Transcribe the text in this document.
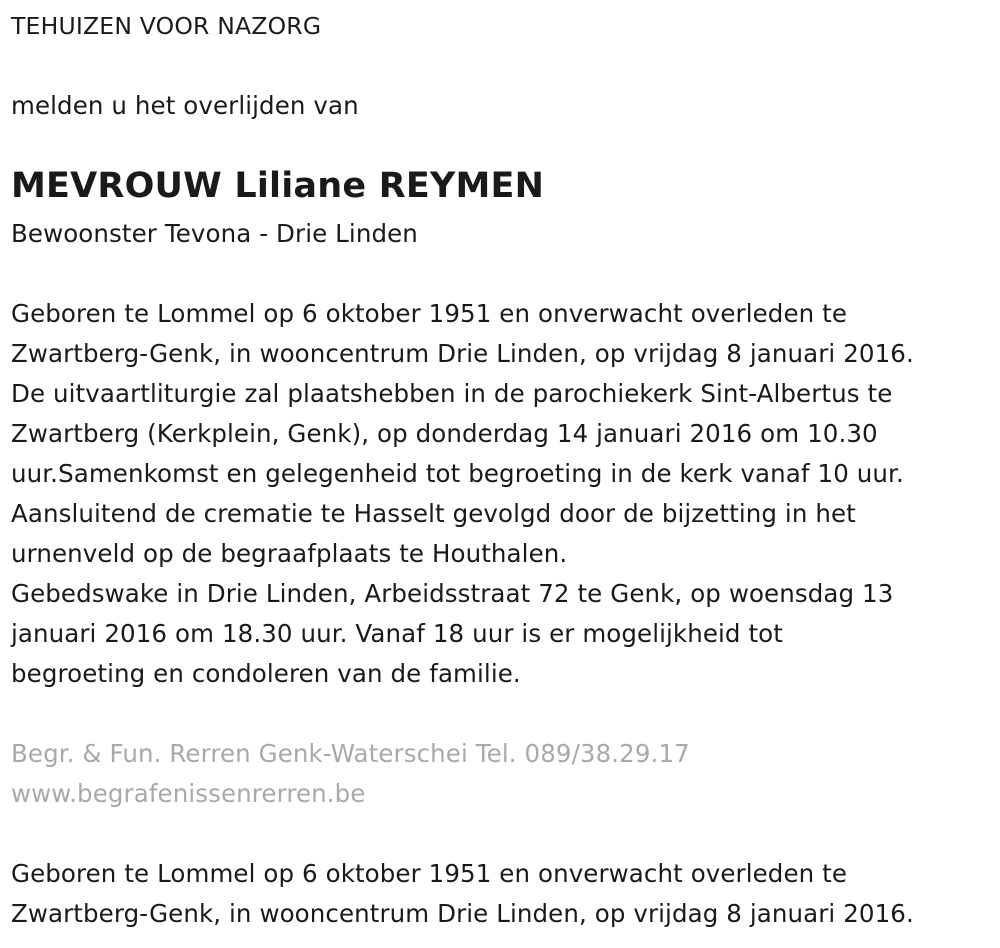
TEHUIZEN VOOR NAZORG

melden u het overlijden van

MEVROUW Liliane REYMEN

Bewoonster Tevona - Drie Linden

Geboren te Lommel op 6 oktober 1951 en onverwacht overleden te

Zwartberg-Genk, in wooncentrum Drie Linden, op vrijdag 8 januari 2016.

De uitvaartliturgie zal plaatshebben in de parochiekerk Sint-Albertus te

Zwartberg (Kerkplein, Genk), op donderdag 14 januari 2016 om 10.30

uur.Samenkomst en gelegenheid tot begroeting in de kerk vanaf 10 uur.

Aansluitend de crematie te Hasselt gevolgd door de bijzetting in het

urnenveld op de begraafplaats te Houthalen.

Gebedswake in Drie Linden, Arbeidsstraat 72 te Genk, op woensdag 13

januari 2016 om 18.30 uur. Vanaf 18 uur is er mogelijkheid tot

begroeting en condoleren van de familie.

Begr. & Fun. Rerren Genk-Waterschei Tel. 089/38.29.17

www.begrafenissenrerren.be

Geboren te Lommel op 6 oktober 1951 en onverwacht overleden te

Zwartberg-Genk, in wooncentrum Drie Linden, op vrijdag 8 januari 2016.
